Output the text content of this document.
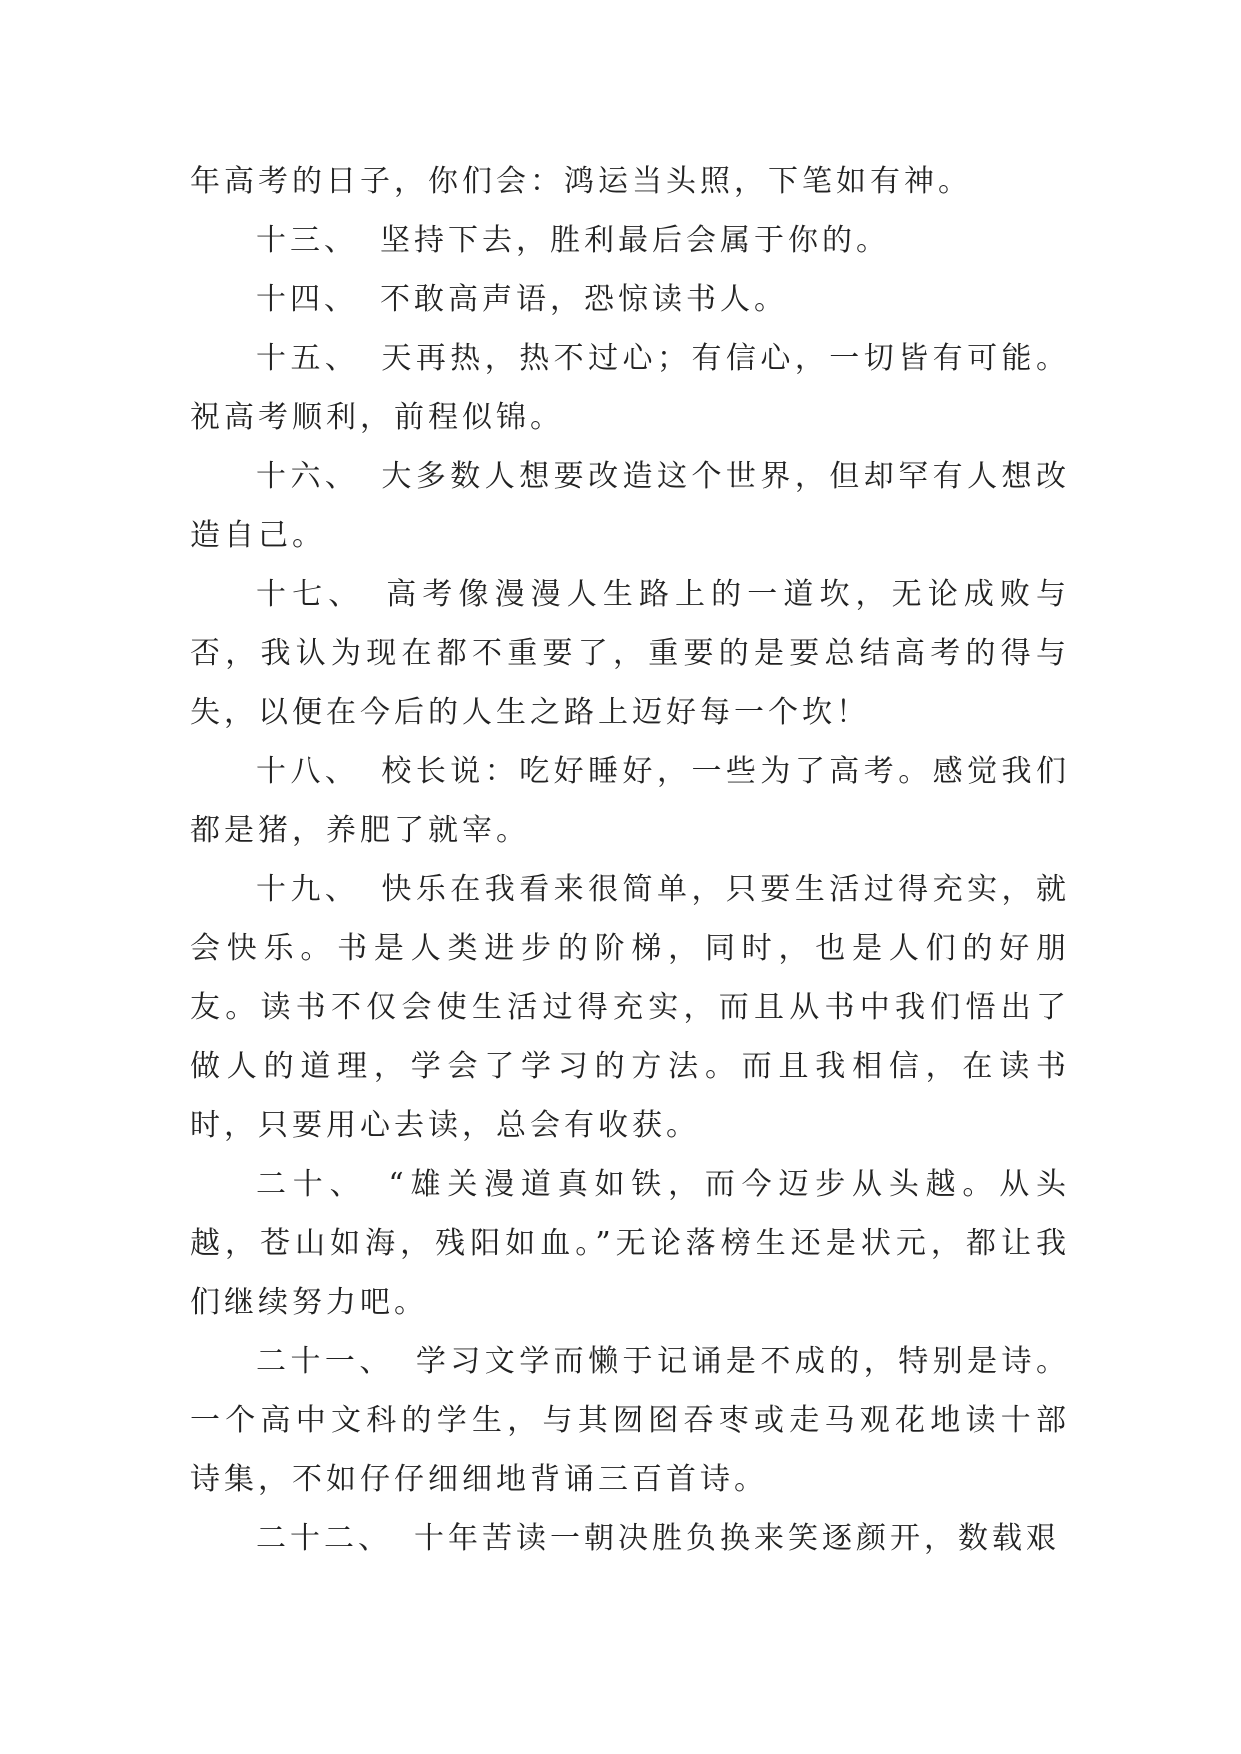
年高考的日子，你们会：鸿运当头照，下笔如有神。

十三、 坚持下去，胜利最后会属于你的。

十四、 不敢高声语，恐惊读书人。

十五、 天再热，热不过心；有信心，一切皆有可能。祝高考顺利，前程似锦。

十六、 大多数人想要改造这个世界，但却罕有人想改造自己。

十七、 高考像漫漫人生路上的一道坎，无论成败与否，我认为现在都不重要了，重要的是要总结高考的得与失，以便在今后的人生之路上迈好每一个坎！

十八、 校长说：吃好睡好，一些为了高考。感觉我们都是猪，养肥了就宰。

十九、 快乐在我看来很简单，只要生活过得充实，就会快乐。书是人类进步的阶梯，同时，也是人们的好朋友。读书不仅会使生活过得充实，而且从书中我们悟出了做人的道理，学会了学习的方法。而且我相信，在读书时，只要用心去读，总会有收获。

二十、 “雄关漫道真如铁，而今迈步从头越。从头越，苍山如海，残阳如血。”无论落榜生还是状元，都让我们继续努力吧。

二十一、 学习文学而懒于记诵是不成的，特别是诗。一个高中文科的学生，与其囫囵吞枣或走马观花地读十部诗集，不如仔仔细细地背诵三百首诗。

二十二、 十年苦读一朝决胜负换来笑逐颜开，数载艰
